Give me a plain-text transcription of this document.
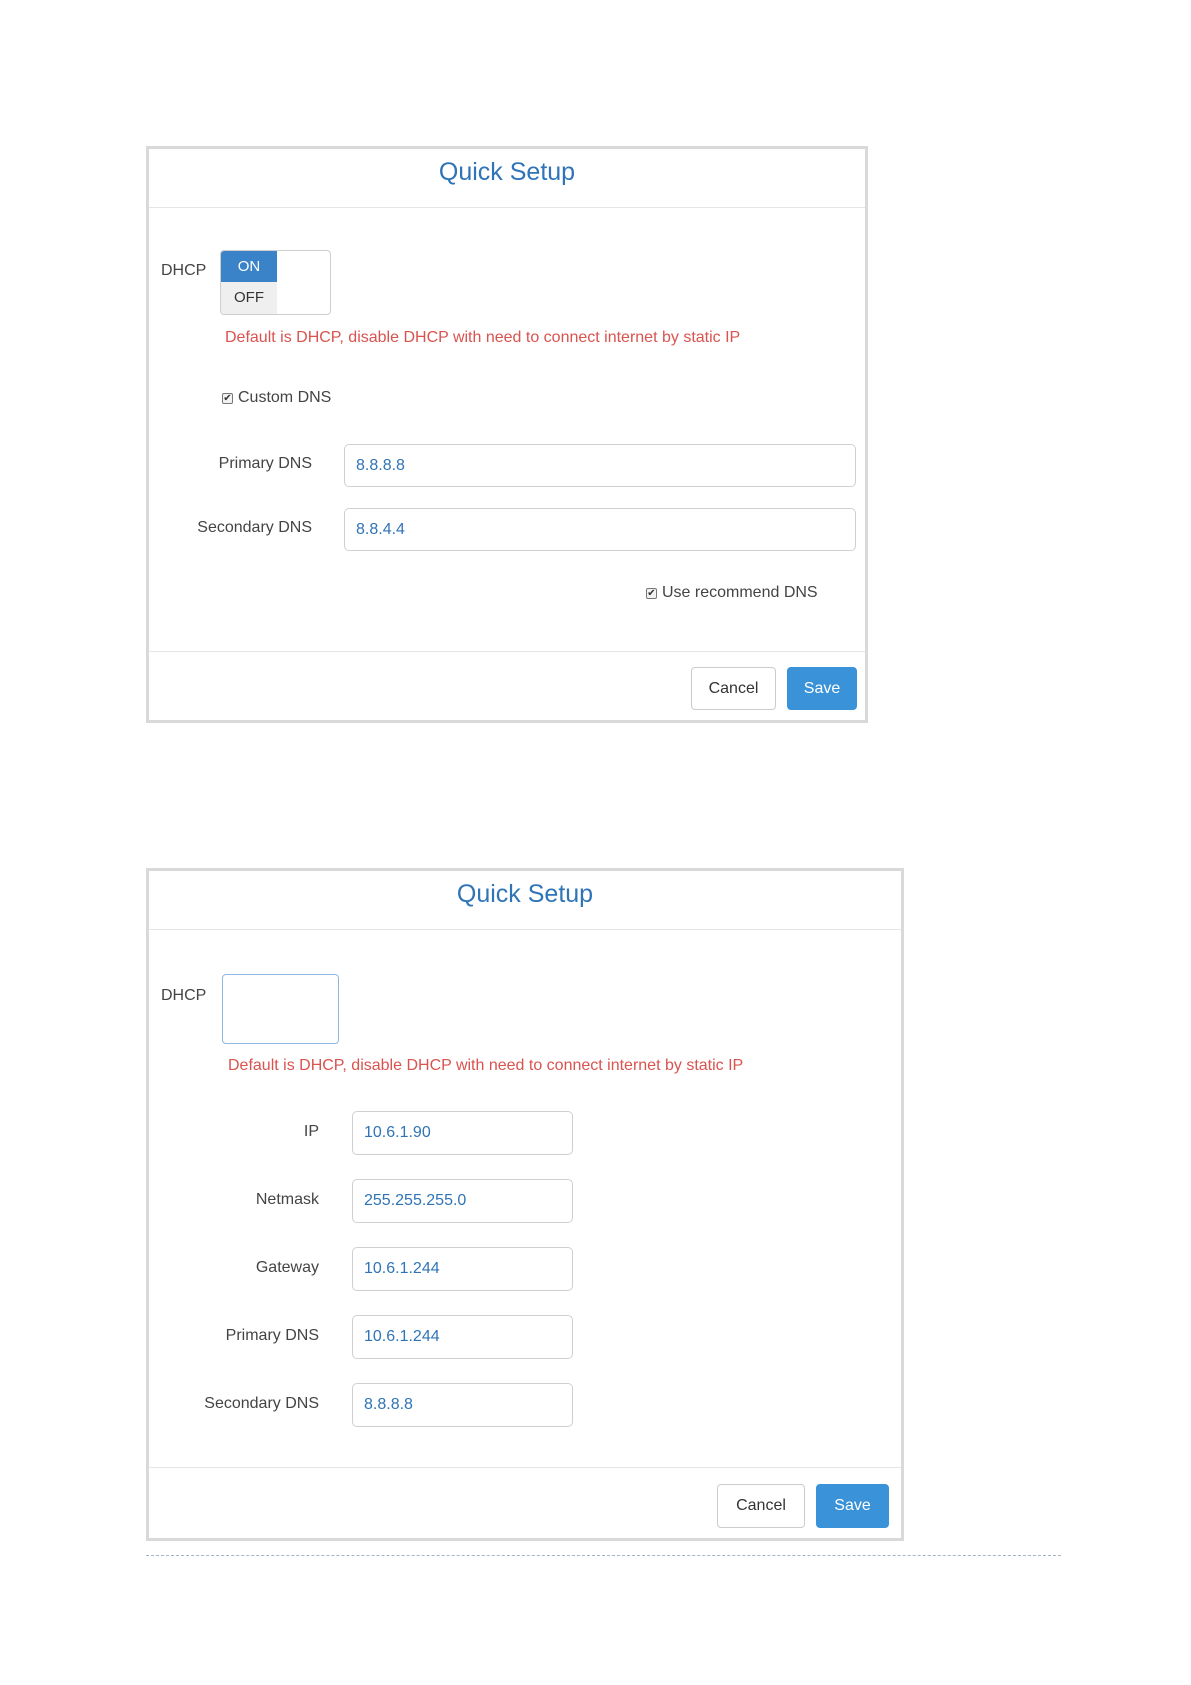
Quick Setup
DHCP	ON
OFF
Default is DHCP, disable DHCP with need to connect internet by static IP
✔ Custom DNS
Primary DNS
8.8.8.8
Secondary DNS
8.8.4.4
✔ Use recommend DNS
Cancel	Save
Quick Setup
DHCP
Default is DHCP, disable DHCP with need to connect internet by static IP
IP
10.6.1.90
Netmask
255.255.255.0
Gateway
10.6.1.244
Primary DNS
10.6.1.244
Secondary DNS
8.8.8.8
Cancel	Save
